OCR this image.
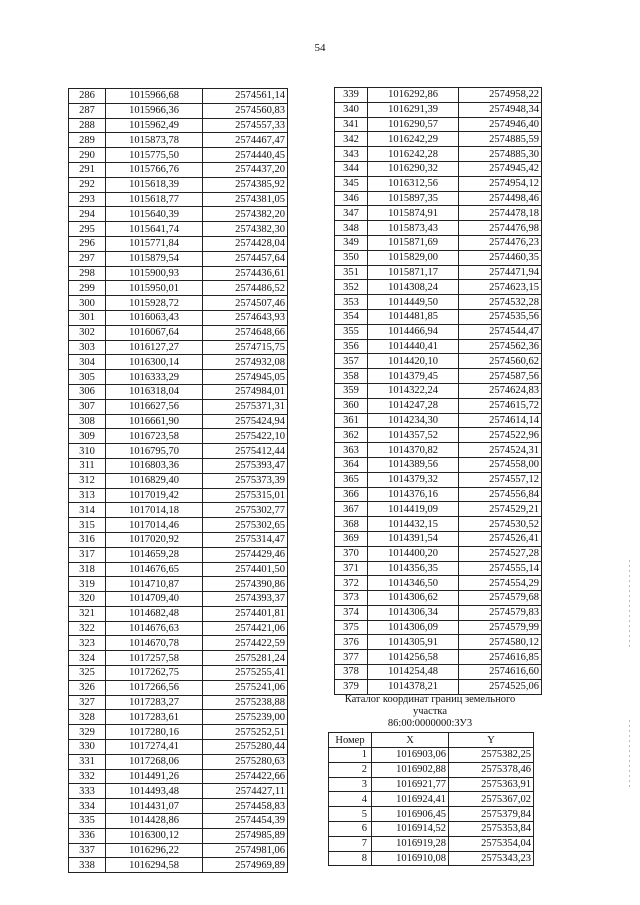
54
286	1015966,68	2574561,14
287	1015966,36	2574560,83
288	1015962,49	2574557,33
289	1015873,78	2574467,47
290	1015775,50	2574440,45
291	1015766,76	2574437,20
292	1015618,39	2574385,92
293	1015618,77	2574381,05
294	1015640,39	2574382,20
295	1015641,74	2574382,30
296	1015771,84	2574428,04
297	1015879,54	2574457,64
298	1015900,93	2574436,61
299	1015950,01	2574486,52
300	1015928,72	2574507,46
301	1016063,43	2574643,93
302	1016067,64	2574648,66
303	1016127,27	2574715,75
304	1016300,14	2574932,08
305	1016333,29	2574945,05
306	1016318,04	2574984,01
307	1016627,56	2575371,31
308	1016661,90	2575424,94
309	1016723,58	2575422,10
310	1016795,70	2575412,44
311	1016803,36	2575393,47
312	1016829,40	2575373,39
313	1017019,42	2575315,01
314	1017014,18	2575302,77
315	1017014,46	2575302,65
316	1017020,92	2575314,47
317	1014659,28	2574429,46
318	1014676,65	2574401,50
319	1014710,87	2574390,86
320	1014709,40	2574393,37
321	1014682,48	2574401,81
322	1014676,63	2574421,06
323	1014670,78	2574422,59
324	1017257,58	2575281,24
325	1017262,75	2575255,41
326	1017266,56	2575241,06
327	1017283,27	2575238,88
328	1017283,61	2575239,00
329	1017280,16	2575252,51
330	1017274,41	2575280,44
331	1017268,06	2575280,63
332	1014491,26	2574422,66
333	1014493,48	2574427,11
334	1014431,07	2574458,83
335	1014428,86	2574454,39
336	1016300,12	2574985,89
337	1016296,22	2574981,06
338	1016294,58	2574969,89
339	1016292,86	2574958,22
340	1016291,39	2574948,34
341	1016290,57	2574946,40
342	1016242,29	2574885,59
343	1016242,28	2574885,30
344	1016290,32	2574945,42
345	1016312,56	2574954,12
346	1015897,35	2574498,46
347	1015874,91	2574478,18
348	1015873,43	2574476,98
349	1015871,69	2574476,23
350	1015829,00	2574460,35
351	1015871,17	2574471,94
352	1014308,24	2574623,15
353	1014449,50	2574532,28
354	1014481,85	2574535,56
355	1014466,94	2574544,47
356	1014440,41	2574562,36
357	1014420,10	2574560,62
358	1014379,45	2574587,56
359	1014322,24	2574624,83
360	1014247,28	2574615,72
361	1014234,30	2574614,14
362	1014357,52	2574522,96
363	1014370,82	2574524,31
364	1014389,56	2574558,00
365	1014379,32	2574557,12
366	1014376,16	2574556,84
367	1014419,09	2574529,21
368	1014432,15	2574530,52
369	1014391,54	2574526,41
370	1014400,20	2574527,28
371	1014356,35	2574555,14
372	1014346,50	2574554,29
373	1014306,62	2574579,68
374	1014306,34	2574579,83
375	1014306,09	2574579,99
376	1014305,91	2574580,12
377	1014256,58	2574616,85
378	1014254,48	2574616,60
379	1014378,21	2574525,06
Каталог координат границ земельного
участка
86:00:0000000:ЗУ3
Номер	X	Y
1	1016903,06	2575382,25
2	1016902,88	2575378,46
3	1016921,77	2575363,91
4	1016924,41	2575367,02
5	1016906,45	2575379,84
6	1016914,52	2575353,84
7	1016919,28	2575354,04
8	1016910,08	2575343,23
